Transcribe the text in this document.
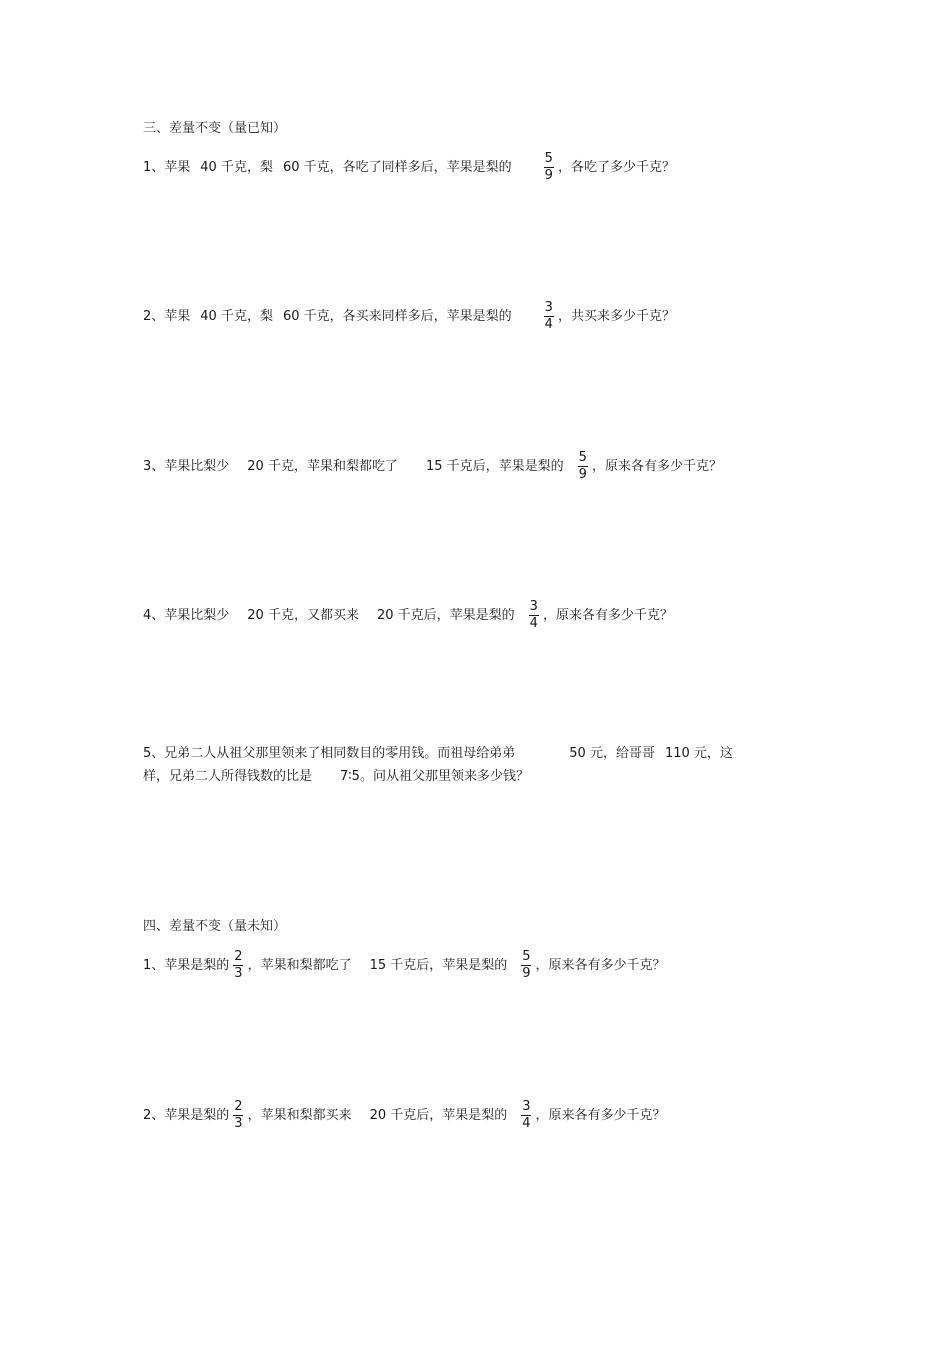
三、差量不变（量已知）
1、苹果 40 千克，梨 60 千克，各吃了同样多后，苹果是梨的 $\frac{5}{9}$ ，各吃了多少千克？
2、苹果 40 千克，梨 60 千克，各买来同样多后，苹果是梨的 $\frac{3}{4}$ ，共买来多少千克？
3、苹果比梨少 20 千克，苹果和梨都吃了 15 千克后，苹果是梨的 $\frac{5}{9}$ ，原来各有多少千克？
4、苹果比梨少 20 千克，又都买来 20 千克后，苹果是梨的 $\frac{3}{4}$ ，原来各有多少千克？
5、兄弟二人从祖父那里领来了相同数目的零用钱。而祖母给弟弟	50 元，给哥哥 110 元，这
样，兄弟二人所得钱数的比是 7∶5。问从祖父那里领来多少钱？
四、差量不变（量未知）
1、苹果是梨的 $\frac{2}{3}$ ，苹果和梨都吃了 15 千克后，苹果是梨的 $\frac{5}{9}$ ，原来各有多少千克？
2、苹果是梨的 $\frac{2}{3}$ ，苹果和梨都买来 20 千克后，苹果是梨的 $\frac{3}{4}$ ，原来各有多少千克？
